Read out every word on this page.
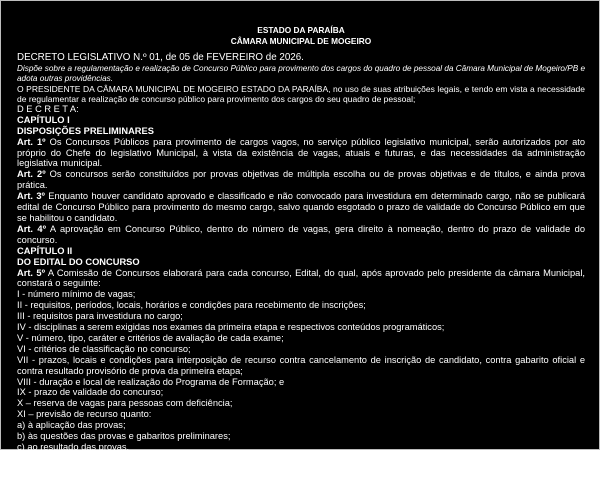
ESTADO DA PARAÍBA

CÂMARA MUNICIPAL DE MOGEIRO

DECRETO LEGISLATIVO N.º 01, de 05 de FEVEREIRO de 2026.

Dispõe sobre a regulamentação e realização de Concurso Público para provimento dos cargos do quadro de pessoal da Câmara Municipal de Mogeiro/PB e adota outras providências.

O PRESIDENTE DA CÂMARA MUNICIPAL DE MOGEIRO ESTADO DA PARAÍBA, no uso de suas atribuições legais, e tendo em vista a necessidade de regulamentar a realização de concurso público para provimento dos cargos do seu quadro de pessoal;

D E C R E T A:

CAPÍTULO I

DISPOSIÇÕES PRELIMINARES

Art. 1º Os Concursos Públicos para provimento de cargos vagos, no serviço público legislativo municipal, serão autorizados por ato próprio do Chefe do legislativo Municipal, à vista da existência de vagas, atuais e futuras, e das necessidades da administração legislativa municipal.

Art. 2º Os concursos serão constituídos por provas objetivas de múltipla escolha ou de provas objetivas e de títulos, e ainda prova prática.

Art. 3º Enquanto houver candidato aprovado e classificado e não convocado para investidura em determinado cargo, não se publicará edital de Concurso Público para provimento do mesmo cargo, salvo quando esgotado o prazo de validade do Concurso Público em que se habilitou o candidato.

Art. 4º A aprovação em Concurso Público, dentro do número de vagas, gera direito à nomeação, dentro do prazo de validade do concurso.

CAPÍTULO II

DO EDITAL DO CONCURSO

Art. 5º A Comissão de Concursos elaborará para cada concurso, Edital, do qual, após aprovado pelo presidente da câmara Municipal, constará o seguinte:

I - número mínimo de vagas;

II - requisitos, períodos, locais, horários e condições para recebimento de inscrições;

III - requisitos para investidura no cargo;

IV - disciplinas a serem exigidas nos exames da primeira etapa e respectivos conteúdos programáticos;

V - número, tipo, caráter e critérios de avaliação de cada exame;

VI - critérios de classificação no concurso;

VII - prazos, locais e condições para interposição de recurso contra cancelamento de inscrição de candidato, contra gabarito oficial e contra resultado provisório de prova da primeira etapa;

VIII - duração e local de realização do Programa de Formação; e

IX - prazo de validade do concurso;

X – reserva de vagas para pessoas com deficiência;

XI – previsão de recurso quanto:

a) à aplicação das provas;

b) às questões das provas e gabaritos preliminares;

c) ao resultado das provas.

XII - os critérios de desempate se houver necessidade.

XIII - quaisquer outras exigências que devam ser atendidas pelos candidatos ou informações que se fizerem necessários à boa ordenação do concurso.
